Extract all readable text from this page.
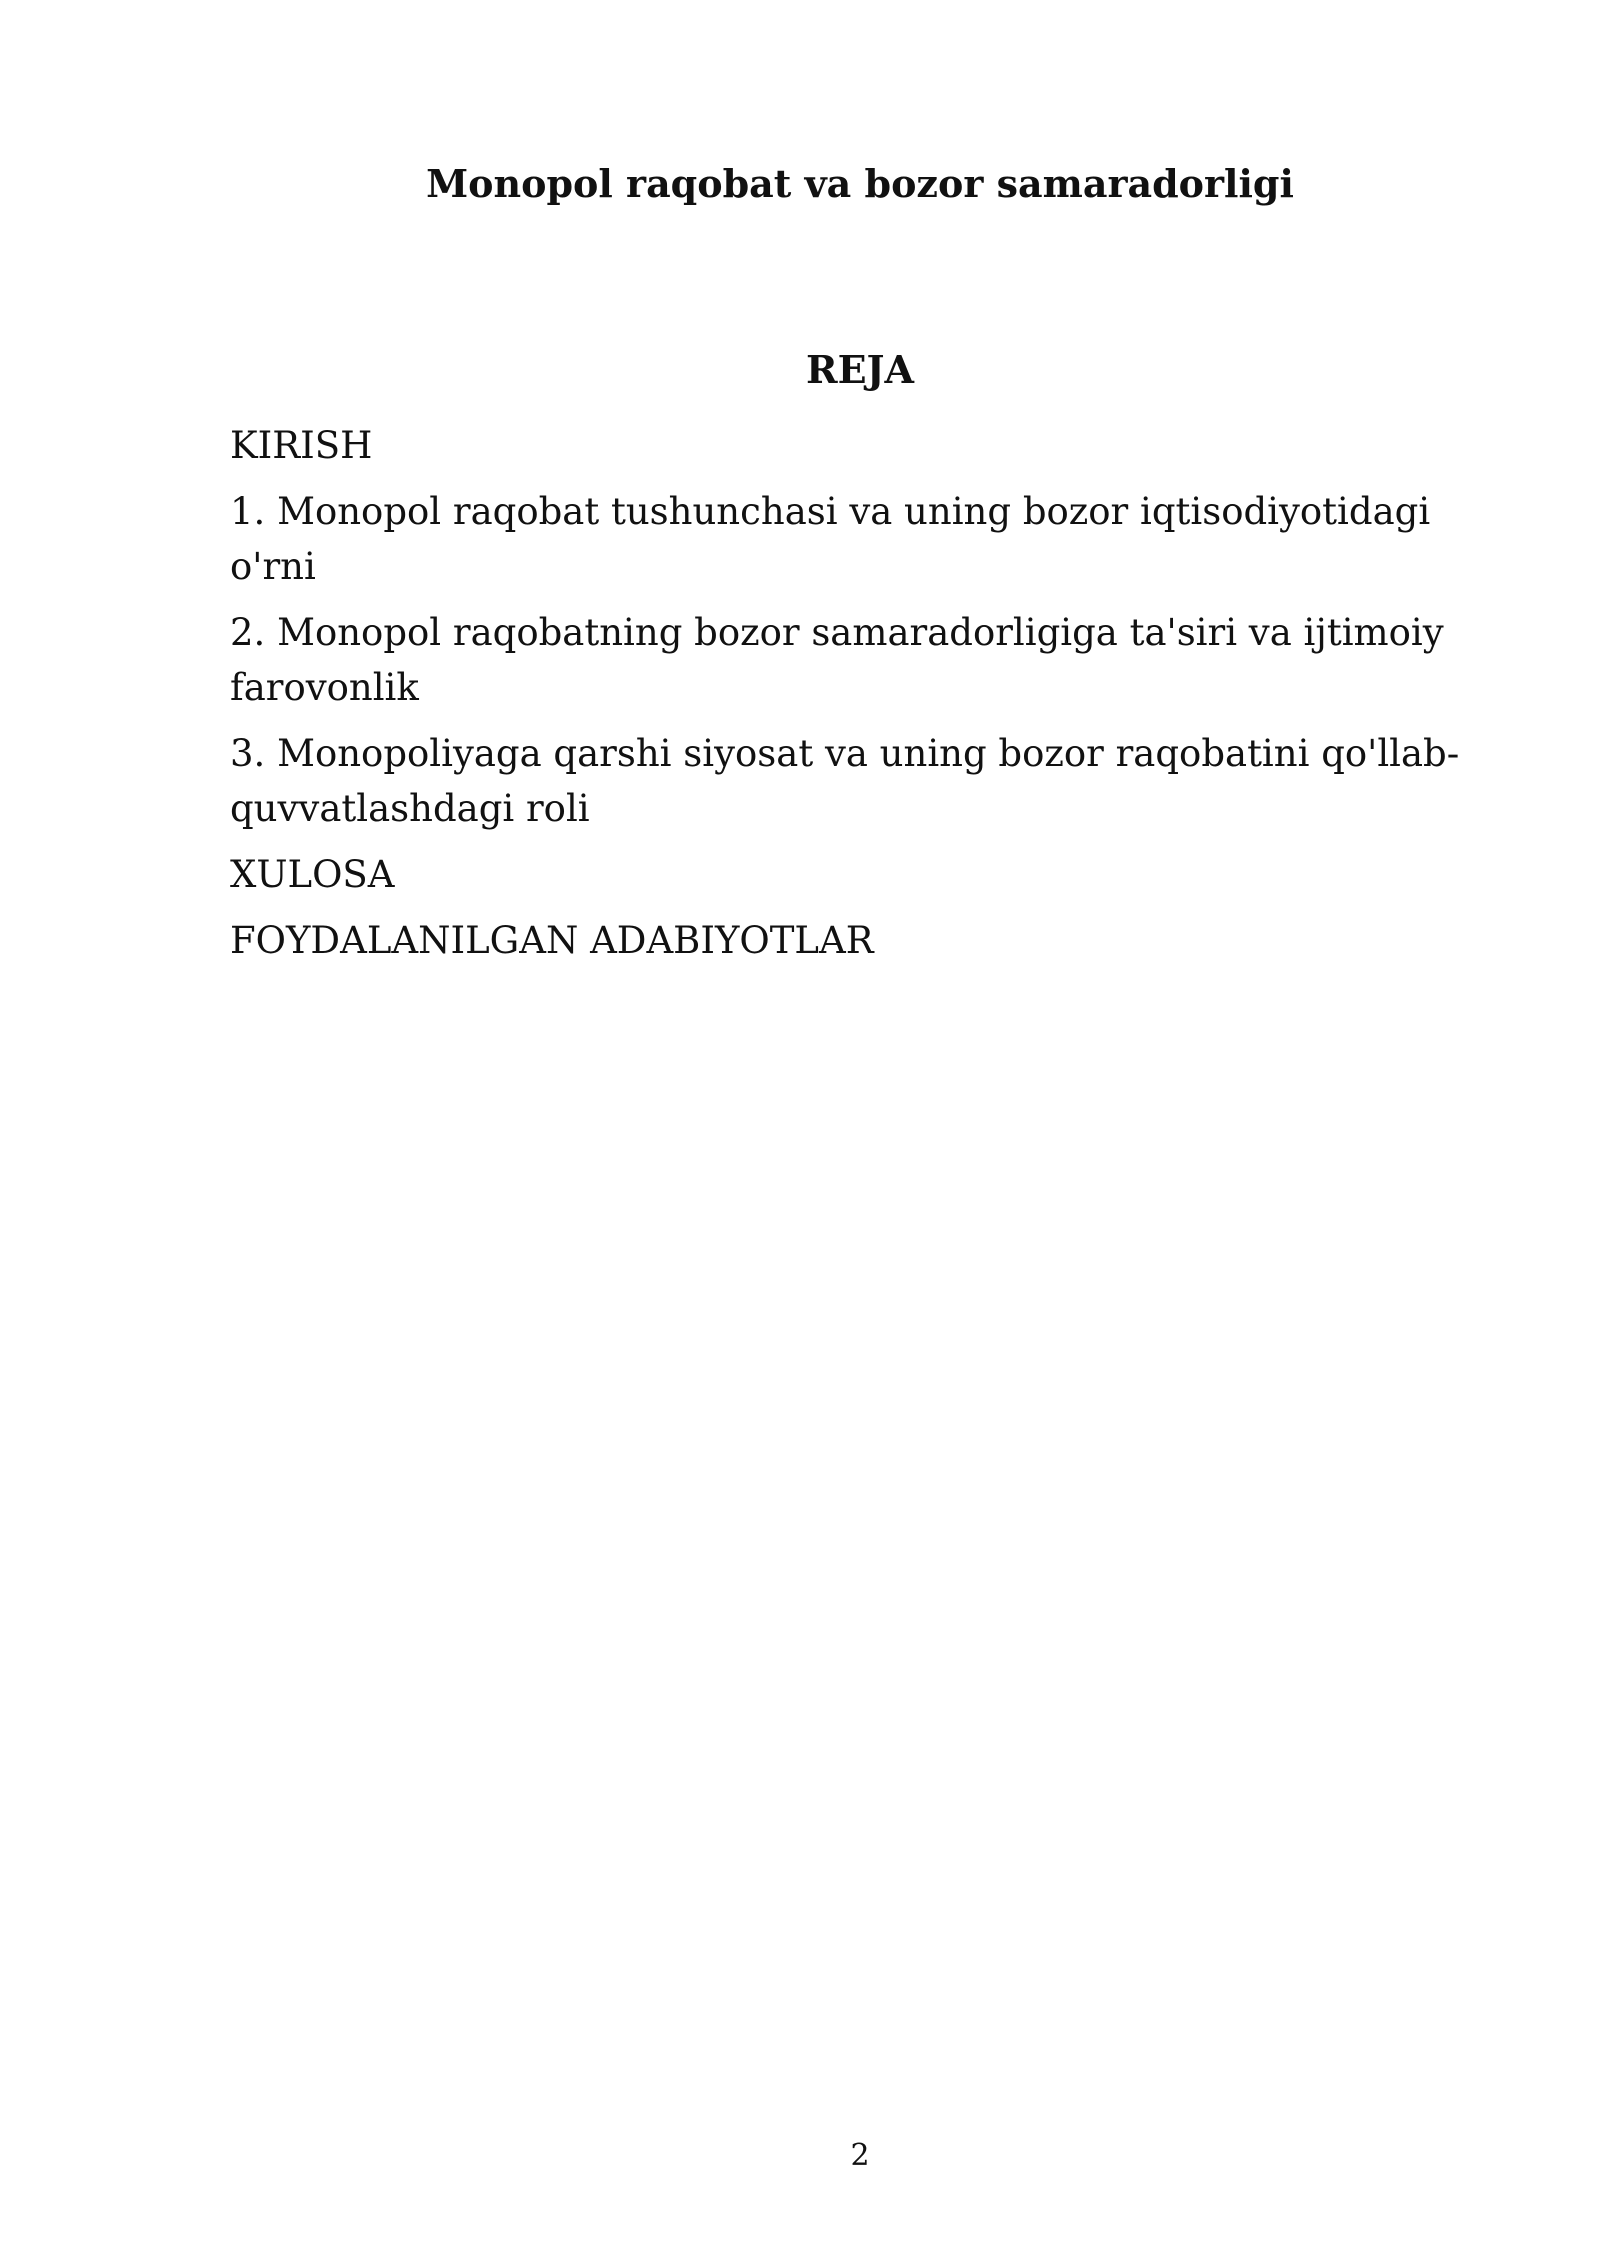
Monopol raqobat va bozor samaradorligi
REJA
KIRISH
1. Monopol raqobat tushunchasi va uning bozor iqtisodiyotidagi o'rni
2. Monopol raqobatning bozor samaradorligiga ta'siri va ijtimoiy farovonlik
3. Monopoliyaga qarshi siyosat va uning bozor raqobatini qo'llab-quvvatlashdagi roli
XULOSA
FOYDALANILGAN ADABIYOTLAR
2
